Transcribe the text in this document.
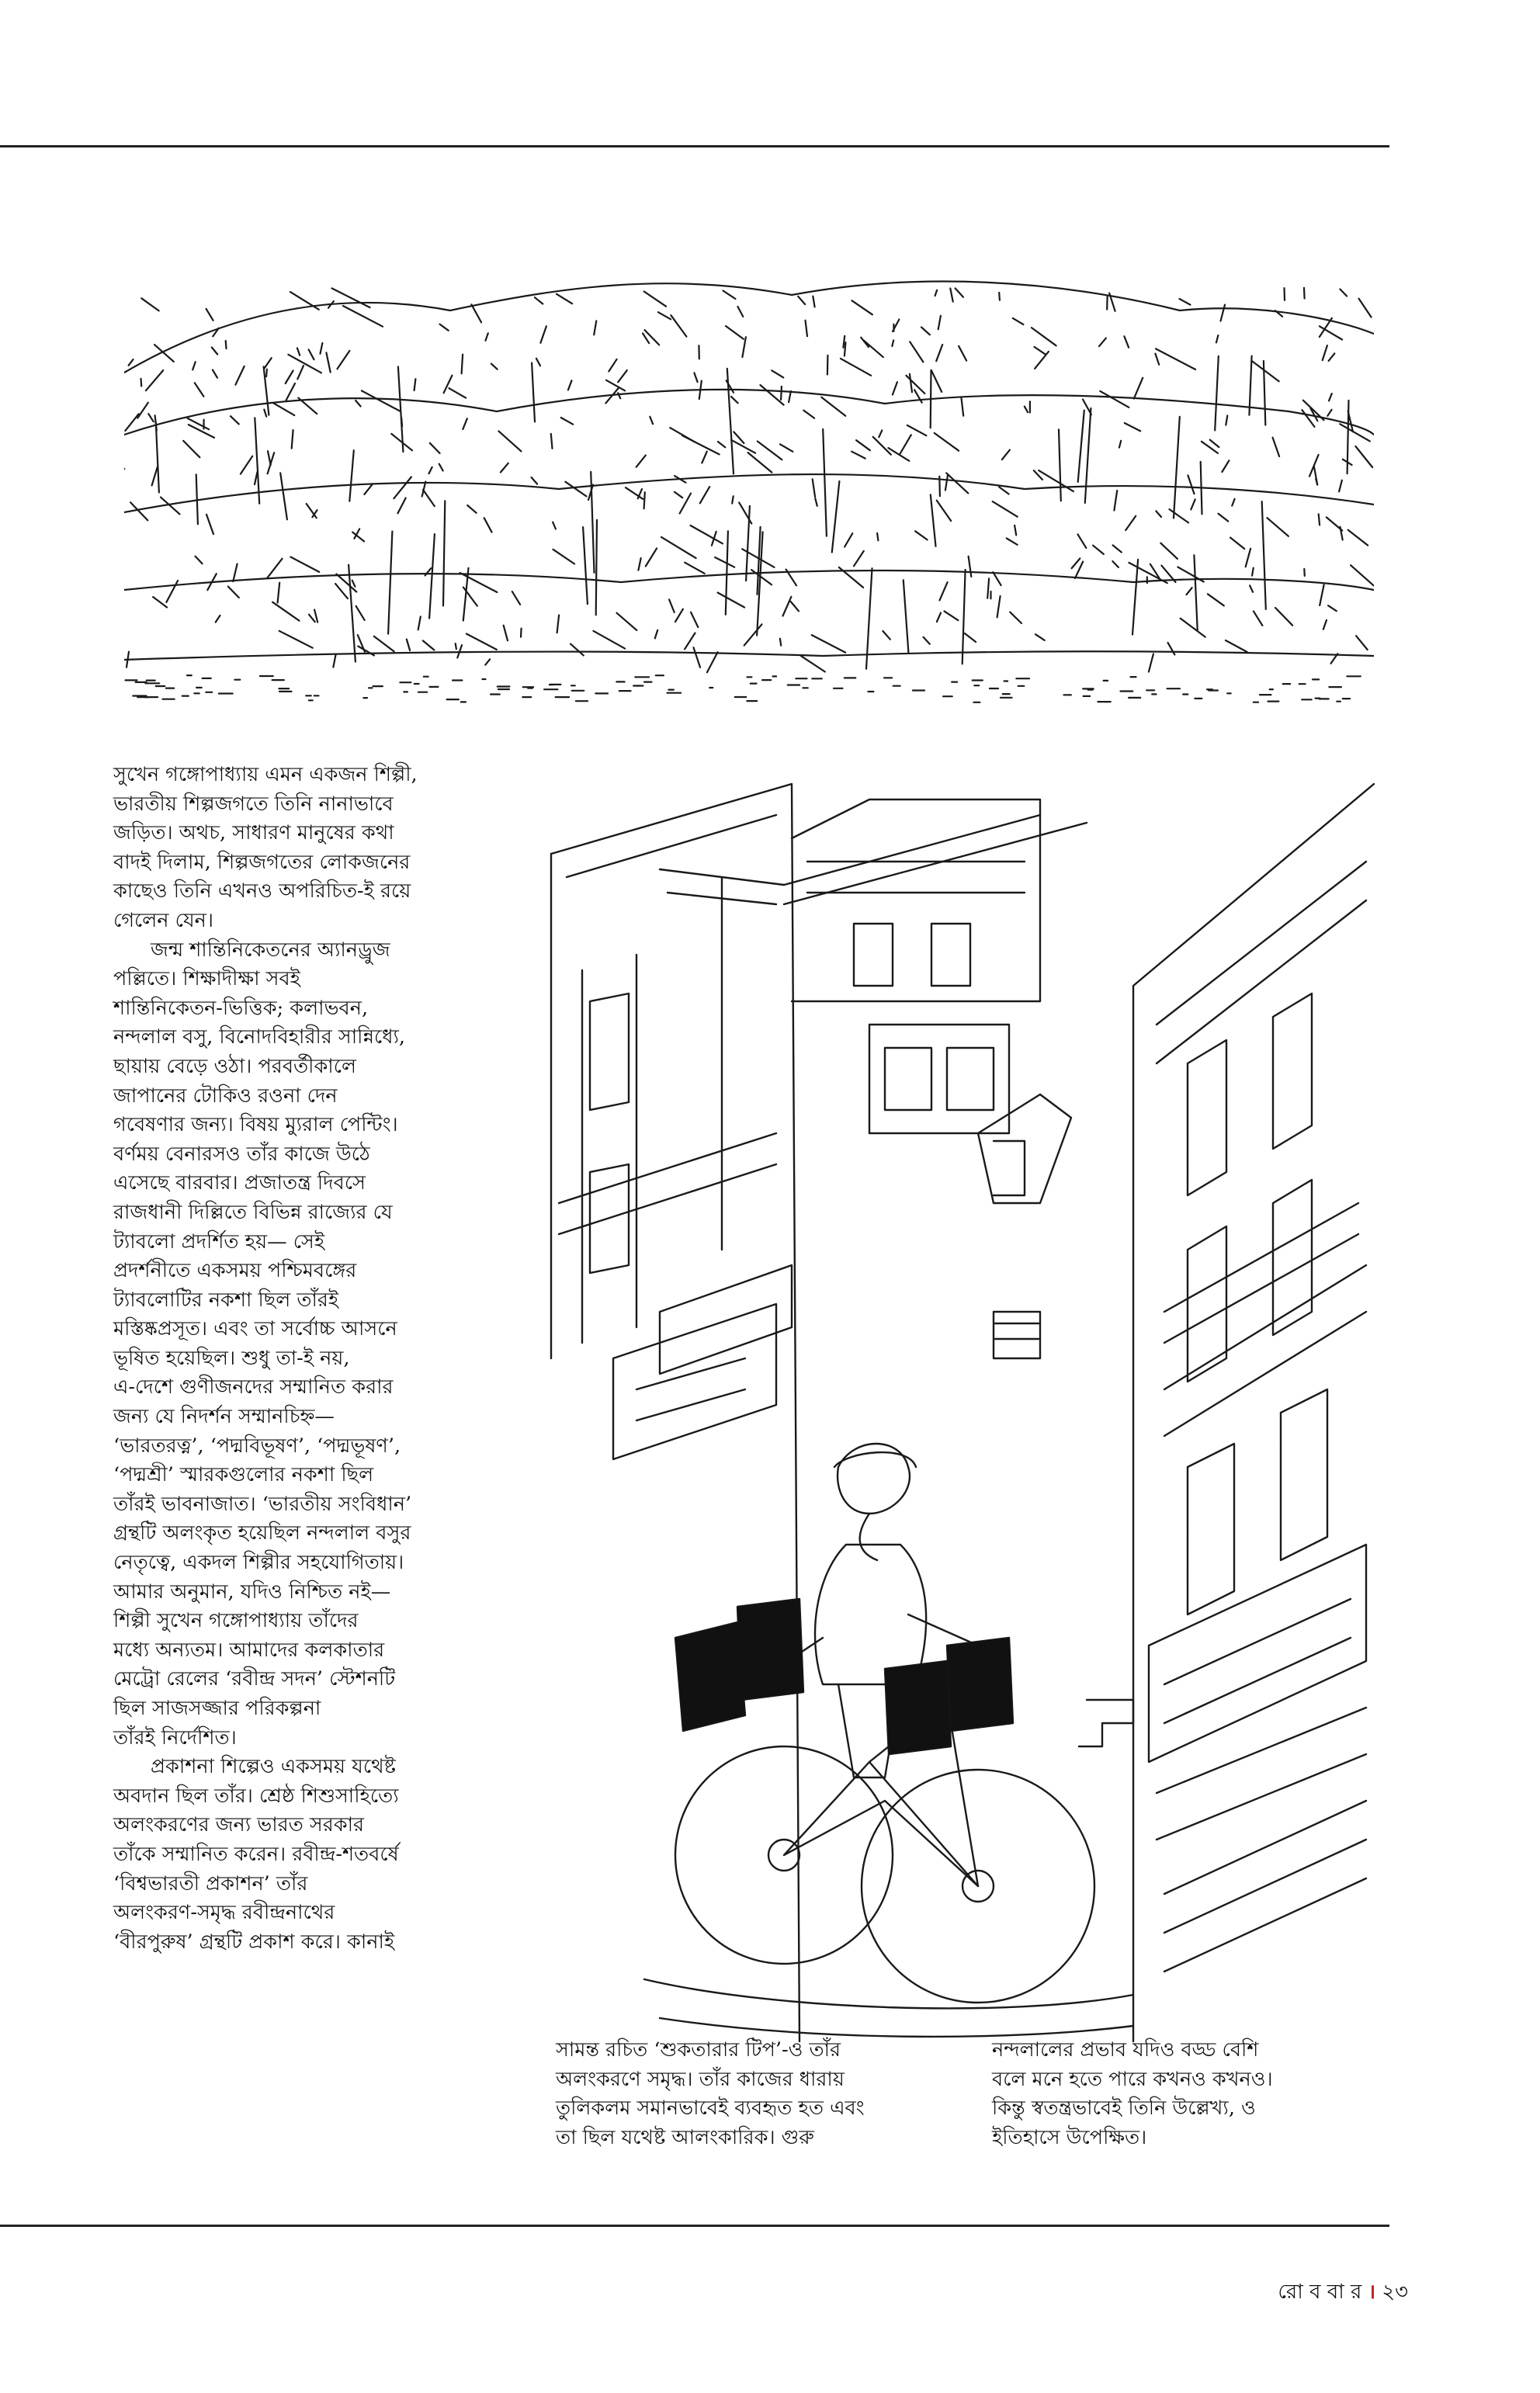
সুখেন গঙ্গোপাধ্যায় এমন একজন শিল্পী,
ভারতীয় শিল্পজগতে তিনি নানাভাবে
জড়িত। অথচ, সাধারণ মানুষের কথা
বাদই দিলাম, শিল্পজগতের লোকজনের
কাছেও তিনি এখনও অপরিচিত-ই রয়ে
গেলেন যেন।

জন্ম শান্তিনিকেতনের অ্যানড্রুজ
পল্লিতে। শিক্ষাদীক্ষা সবই
শান্তিনিকেতন-ভিত্তিক; কলাভবন,
নন্দলাল বসু, বিনোদবিহারীর সান্নিধ্যে,
ছায়ায় বেড়ে ওঠা। পরবর্তীকালে
জাপানের টোকিও রওনা দেন
গবেষণার জন্য। বিষয় ম্যুরাল পেন্টিং।
বর্ণময় বেনারসও তাঁর কাজে উঠে
এসেছে বারবার। প্রজাতন্ত্র দিবসে
রাজধানী দিল্লিতে বিভিন্ন রাজ্যের যে
ট্যাবলো প্রদর্শিত হয়— সেই
প্রদর্শনীতে একসময় পশ্চিমবঙ্গের
ট্যাবলোটির নকশা ছিল তাঁরই
মস্তিষ্কপ্রসূত। এবং তা সর্বোচ্চ আসনে
ভূষিত হয়েছিল। শুধু তা-ই নয়,
এ-দেশে গুণীজনদের সম্মানিত করার
জন্য যে নিদর্শন সম্মানচিহ্ন—
‘ভারতরত্ন’, ‘পদ্মবিভূষণ’, ‘পদ্মভূষণ’,
‘পদ্মশ্রী’ স্মারকগুলোর নকশা ছিল
তাঁরই ভাবনাজাত। ‘ভারতীয় সংবিধান’
গ্রন্থটি অলংকৃত হয়েছিল নন্দলাল বসুর
নেতৃত্বে, একদল শিল্পীর সহযোগিতায়।
আমার অনুমান, যদিও নিশ্চিত নই—
শিল্পী সুখেন গঙ্গোপাধ্যায় তাঁদের
মধ্যে অন্যতম। আমাদের কলকাতার
মেট্রো রেলের ‘রবীন্দ্র সদন’ স্টেশনটি
ছিল সাজসজ্জার পরিকল্পনা
তাঁরই নির্দেশিত।

প্রকাশনা শিল্পেও একসময় যথেষ্ট
অবদান ছিল তাঁর। শ্রেষ্ঠ শিশুসাহিত্যে
অলংকরণের জন্য ভারত সরকার
তাঁকে সম্মানিত করেন। রবীন্দ্র-শতবর্ষে
‘বিশ্বভারতী প্রকাশন’ তাঁর
অলংকরণ-সমৃদ্ধ রবীন্দ্রনাথের
‘বীরপুরুষ’ গ্রন্থটি প্রকাশ করে। কানাই

সামন্ত রচিত ‘শুকতারার টিপ’-ও তাঁর
অলংকরণে সমৃদ্ধ। তাঁর কাজের ধারায়
তুলিকলম সমানভাবেই ব্যবহৃত হত এবং
তা ছিল যথেষ্ট আলংকারিক। গুরু
নন্দলালের প্রভাব যদিও বড্ড বেশি
বলে মনে হতে পারে কখনও কখনও।
কিন্তু স্বতন্ত্রভাবেই তিনি উল্লেখ্য, ও
ইতিহাসে উপেক্ষিত।
রো ব বা র । ২৩
